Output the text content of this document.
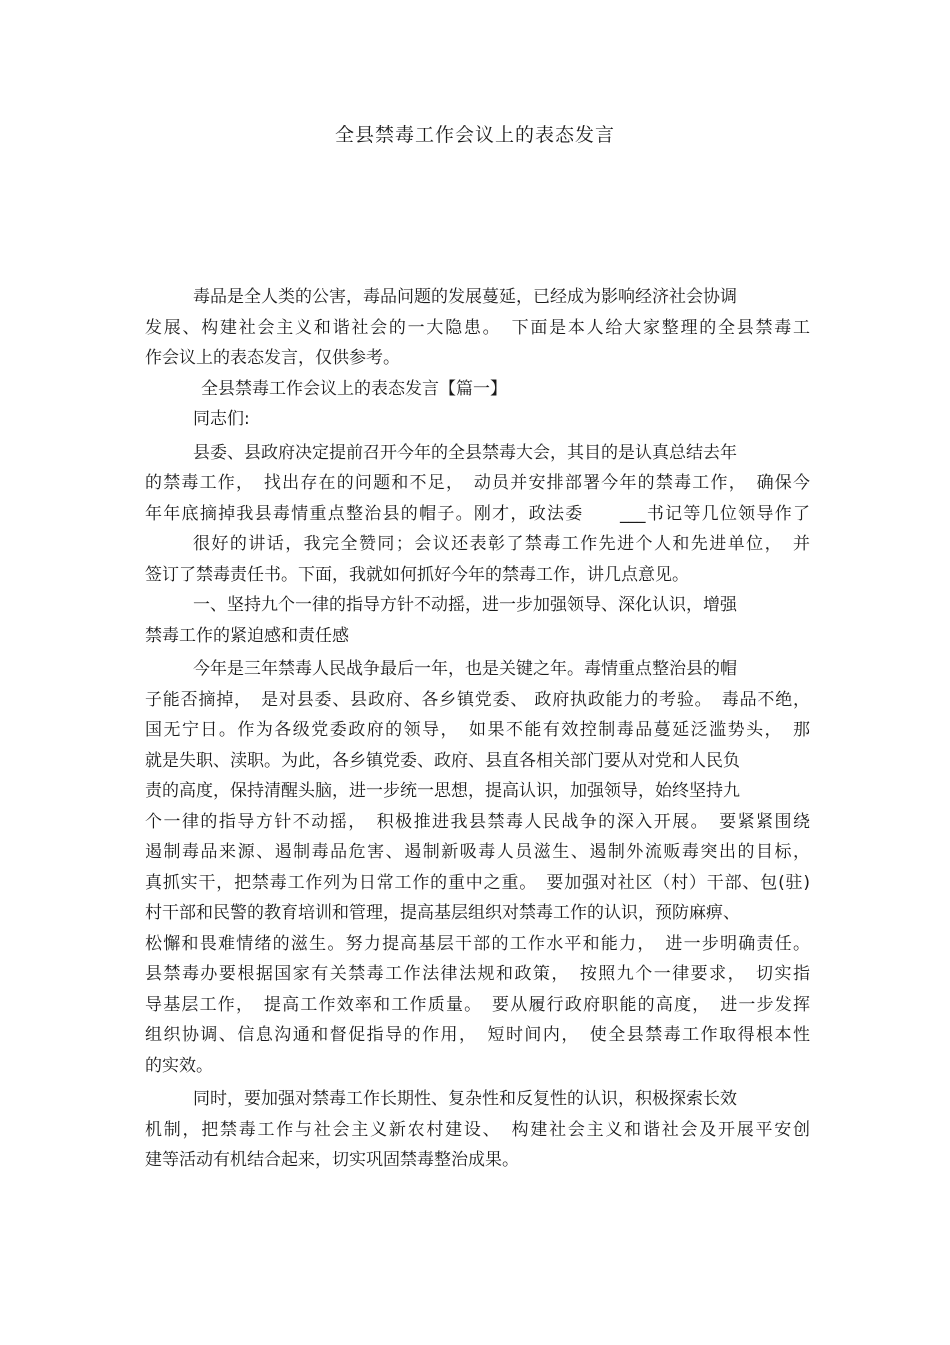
全县禁毒工作会议上的表态发言
毒品是全人类的公害，毒品问题的发展蔓延，已经成为影响经济社会协调
发展、构建社会主义和谐社会的一大隐患。　下面是本人给大家整理的全县禁毒工
作会议上的表态发言，仅供参考。
全县禁毒工作会议上的表态发言【篇一】
同志们:
县委、县政府决定提前召开今年的全县禁毒大会，其目的是认真总结去年
的禁毒工作，　找出存在的问题和不足，　动员并安排部署今年的禁毒工作，　确保今
年年底摘掉我县毒情重点整治县的帽子。刚才，政法委　　___书记等几位领导作了
很好的讲话，我完全赞同；会议还表彰了禁毒工作先进个人和先进单位，　并
签订了禁毒责任书。下面，我就如何抓好今年的禁毒工作，讲几点意见。
一、坚持九个一律的指导方针不动摇，进一步加强领导、深化认识，增强
禁毒工作的紧迫感和责任感
今年是三年禁毒人民战争最后一年，也是关键之年。毒情重点整治县的帽
子能否摘掉，　是对县委、县政府、各乡镇党委、 政府执政能力的考验。　毒品不绝，
国无宁日。作为各级党委政府的领导，　如果不能有效控制毒品蔓延泛滥势头，　那
就是失职、渎职。为此，各乡镇党委、政府、县直各相关部门要从对党和人民负
责的高度，保持清醒头脑，进一步统一思想，提高认识，加强领导，始终坚持九
个一律的指导方针不动摇，　积极推进我县禁毒人民战争的深入开展。　要紧紧围绕
遏制毒品来源、遏制毒品危害、遏制新吸毒人员滋生、遏制外流贩毒突出的目标，
真抓实干，把禁毒工作列为日常工作的重中之重。　要加强对社区（村）干部、包(驻)
村干部和民警的教育培训和管理，提高基层组织对禁毒工作的认识，预防麻痹、
松懈和畏难情绪的滋生。努力提高基层干部的工作水平和能力，　进一步明确责任。
县禁毒办要根据国家有关禁毒工作法律法规和政策，　按照九个一律要求，　切实指
导基层工作，　提高工作效率和工作质量。　要从履行政府职能的高度，　进一步发挥
组织协调、信息沟通和督促指导的作用，　短时间内，　使全县禁毒工作取得根本性
的实效。
同时，要加强对禁毒工作长期性、复杂性和反复性的认识，积极探索长效
机制，把禁毒工作与社会主义新农村建设、　构建社会主义和谐社会及开展平安创
建等活动有机结合起来，切实巩固禁毒整治成果。
